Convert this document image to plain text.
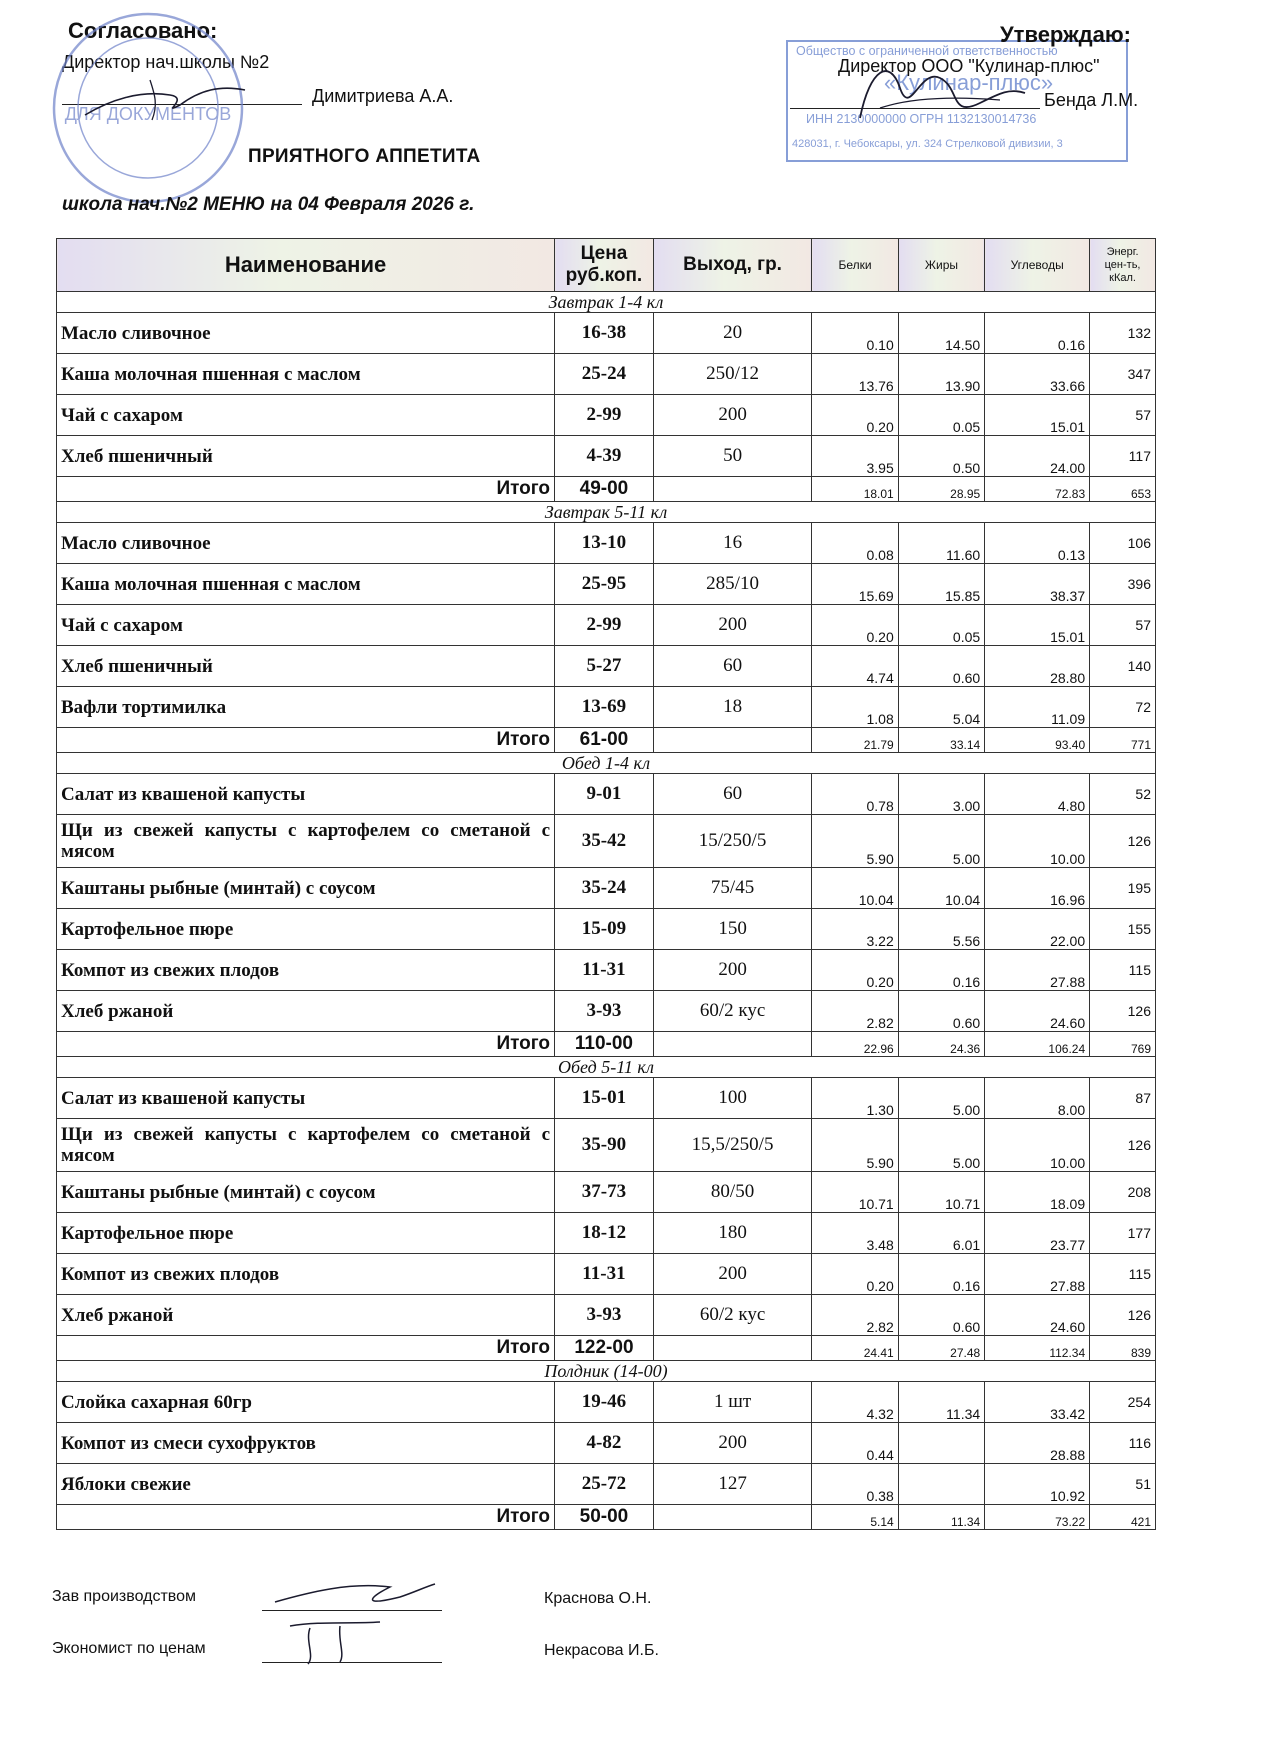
Согласовано:
Директор нач.школы №2
Димитриева А.А.
ДЛЯ ДОКУМЕНТОВ
ПРИЯТНОГО АППЕТИТА
школа нач.№2 МЕНЮ на 04 Февраля 2026 г.
Общество с ограниченной ответственностью
«Кулинар-плюс»
ИНН 2130000000 ОГРН 1132130014736
428031, г. Чебоксары, ул. 324 Стрелковой дивизии, 3
Утверждаю:
Директор ООО "Кулинар-плюс"
Бенда Л.М.
Наименование	Цена руб.коп.	Выход, гр.	Белки	Жиры	Углеводы	Энерг. цен-ть, кКал.
Завтрак 1-4 кл						
Масло сливочное	16-38	20	0.10	14.50	0.16	132
Каша молочная пшенная с маслом	25-24	250/12	13.76	13.90	33.66	347
Чай с сахаром	2-99	200	0.20	0.05	15.01	57
Хлеб пшеничный	4-39	50	3.95	0.50	24.00	117
Итого	49-00		18.01	28.95	72.83	653
Завтрак 5-11 кл						
Масло сливочное	13-10	16	0.08	11.60	0.13	106
Каша молочная пшенная с маслом	25-95	285/10	15.69	15.85	38.37	396
Чай с сахаром	2-99	200	0.20	0.05	15.01	57
Хлеб пшеничный	5-27	60	4.74	0.60	28.80	140
Вафли тортимилка	13-69	18	1.08	5.04	11.09	72
Итого	61-00		21.79	33.14	93.40	771
Обед 1-4 кл						
Салат из квашеной капусты	9-01	60	0.78	3.00	4.80	52
Щи из свежей капусты с картофелем со сметаной с мясом	35-42	15/250/5	5.90	5.00	10.00	126
Каштаны рыбные (минтай) с соусом	35-24	75/45	10.04	10.04	16.96	195
Картофельное пюре	15-09	150	3.22	5.56	22.00	155
Компот из свежих плодов	11-31	200	0.20	0.16	27.88	115
Хлеб ржаной	3-93	60/2 кус	2.82	0.60	24.60	126
Итого	110-00		22.96	24.36	106.24	769
Обед 5-11 кл						
Салат из квашеной капусты	15-01	100	1.30	5.00	8.00	87
Щи из свежей капусты с картофелем со сметаной с мясом	35-90	15,5/250/5	5.90	5.00	10.00	126
Каштаны рыбные (минтай) с соусом	37-73	80/50	10.71	10.71	18.09	208
Картофельное пюре	18-12	180	3.48	6.01	23.77	177
Компот из свежих плодов	11-31	200	0.20	0.16	27.88	115
Хлеб ржаной	3-93	60/2 кус	2.82	0.60	24.60	126
Итого	122-00		24.41	27.48	112.34	839
Полдник (14-00)						
Слойка сахарная 60гр	19-46	1 шт	4.32	11.34	33.42	254
Компот из смеси сухофруктов	4-82	200	0.44		28.88	116
Яблоки свежие	25-72	127	0.38		10.92	51
Итого	50-00		5.14	11.34	73.22	421
Зав производством	Краснова О.Н.
Экономист по ценам	Некрасова И.Б.
